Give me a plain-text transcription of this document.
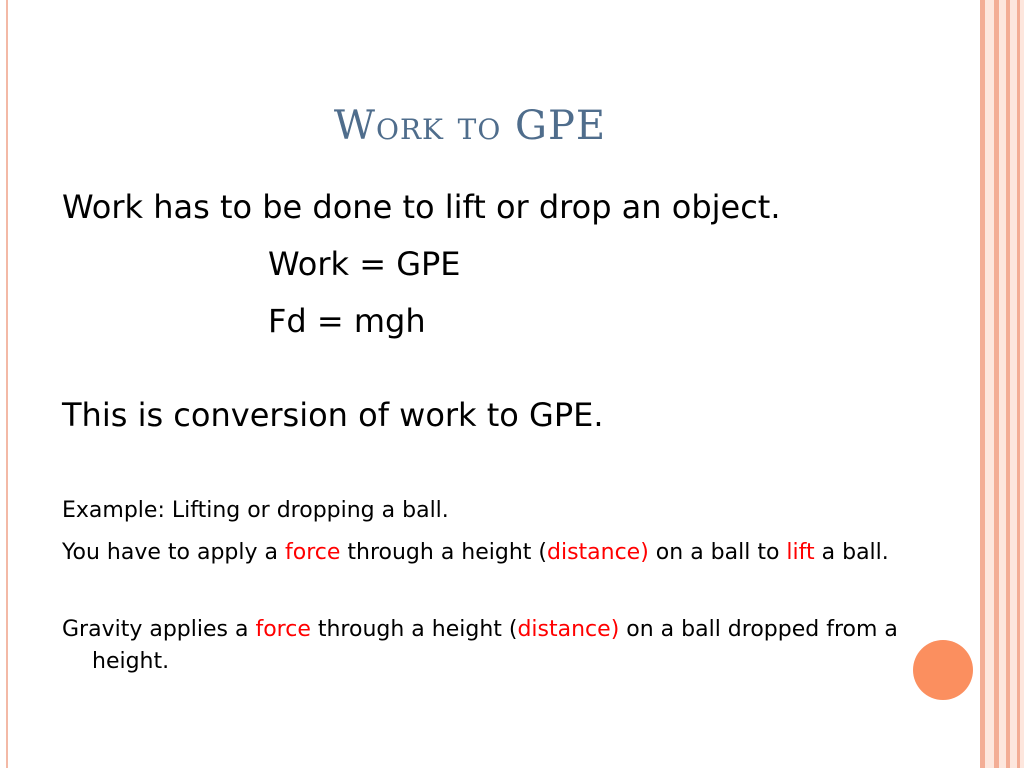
Work to GPE
Work has to be done to lift or drop an object.
Work = GPE
Fd = mgh
This is conversion of work to GPE.
Example: Lifting or dropping a ball.
You have to apply a force through a height (distance) on a ball to lift a ball.
Gravity applies a force through a height (distance) on a ball dropped from a height.
